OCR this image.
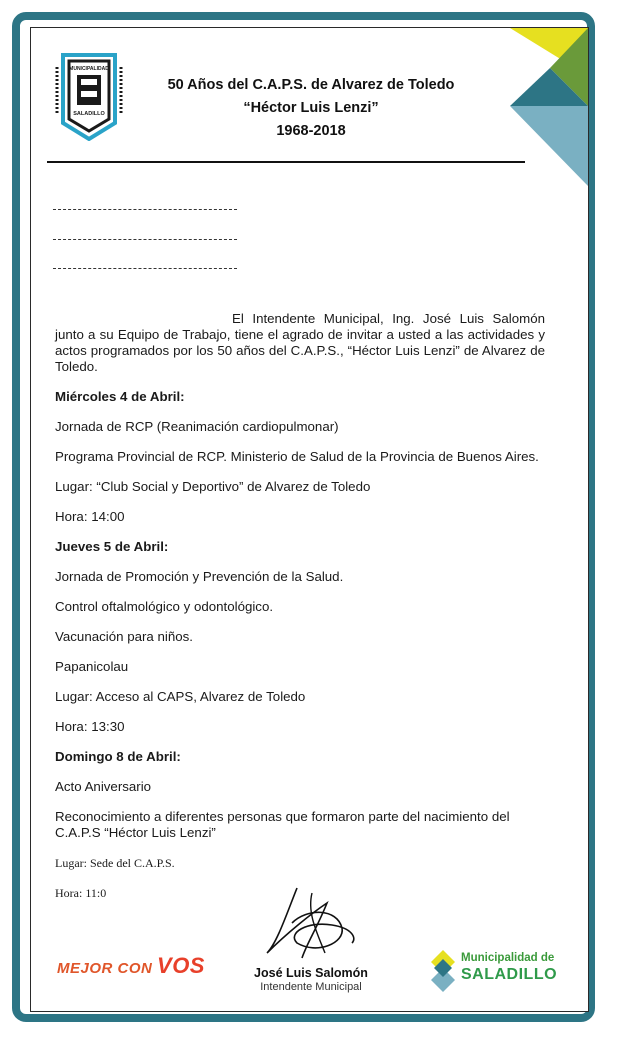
MUNICIPALIDAD
SALADILLO
50 Años del C.A.P.S. de Alvarez de Toledo
“Héctor Luis Lenzi”
1968-2018

El Intendente Municipal, Ing. José Luis Salomón junto a su Equipo de Trabajo, tiene el agrado de invitar a usted a las actividades y actos programados por los 50 años del C.A.P.S., “Héctor Luis Lenzi” de Alvarez de Toledo.

Miércoles 4 de Abril:

Jornada de RCP (Reanimación cardiopulmonar)

Programa Provincial de RCP. Ministerio de Salud de la Provincia de Buenos Aires.

Lugar: “Club Social y Deportivo” de Alvarez de Toledo

Hora: 14:00

Jueves 5 de Abril:

Jornada de Promoción y Prevención de la Salud.

Control oftalmológico y odontológico.

Vacunación para niños.

Papanicolau

Lugar: Acceso al CAPS, Alvarez de Toledo

Hora: 13:30

Domingo 8 de Abril:

Acto Aniversario

Reconocimiento a diferentes personas que formaron parte del nacimiento del C.A.P.S “Héctor Luis Lenzi”

Lugar: Sede del C.A.P.S.

Hora: 11:0

MEJOR CON VOS	José Luis Salomón
Intendente Municipal
Municipalidad de
SALADILLO
